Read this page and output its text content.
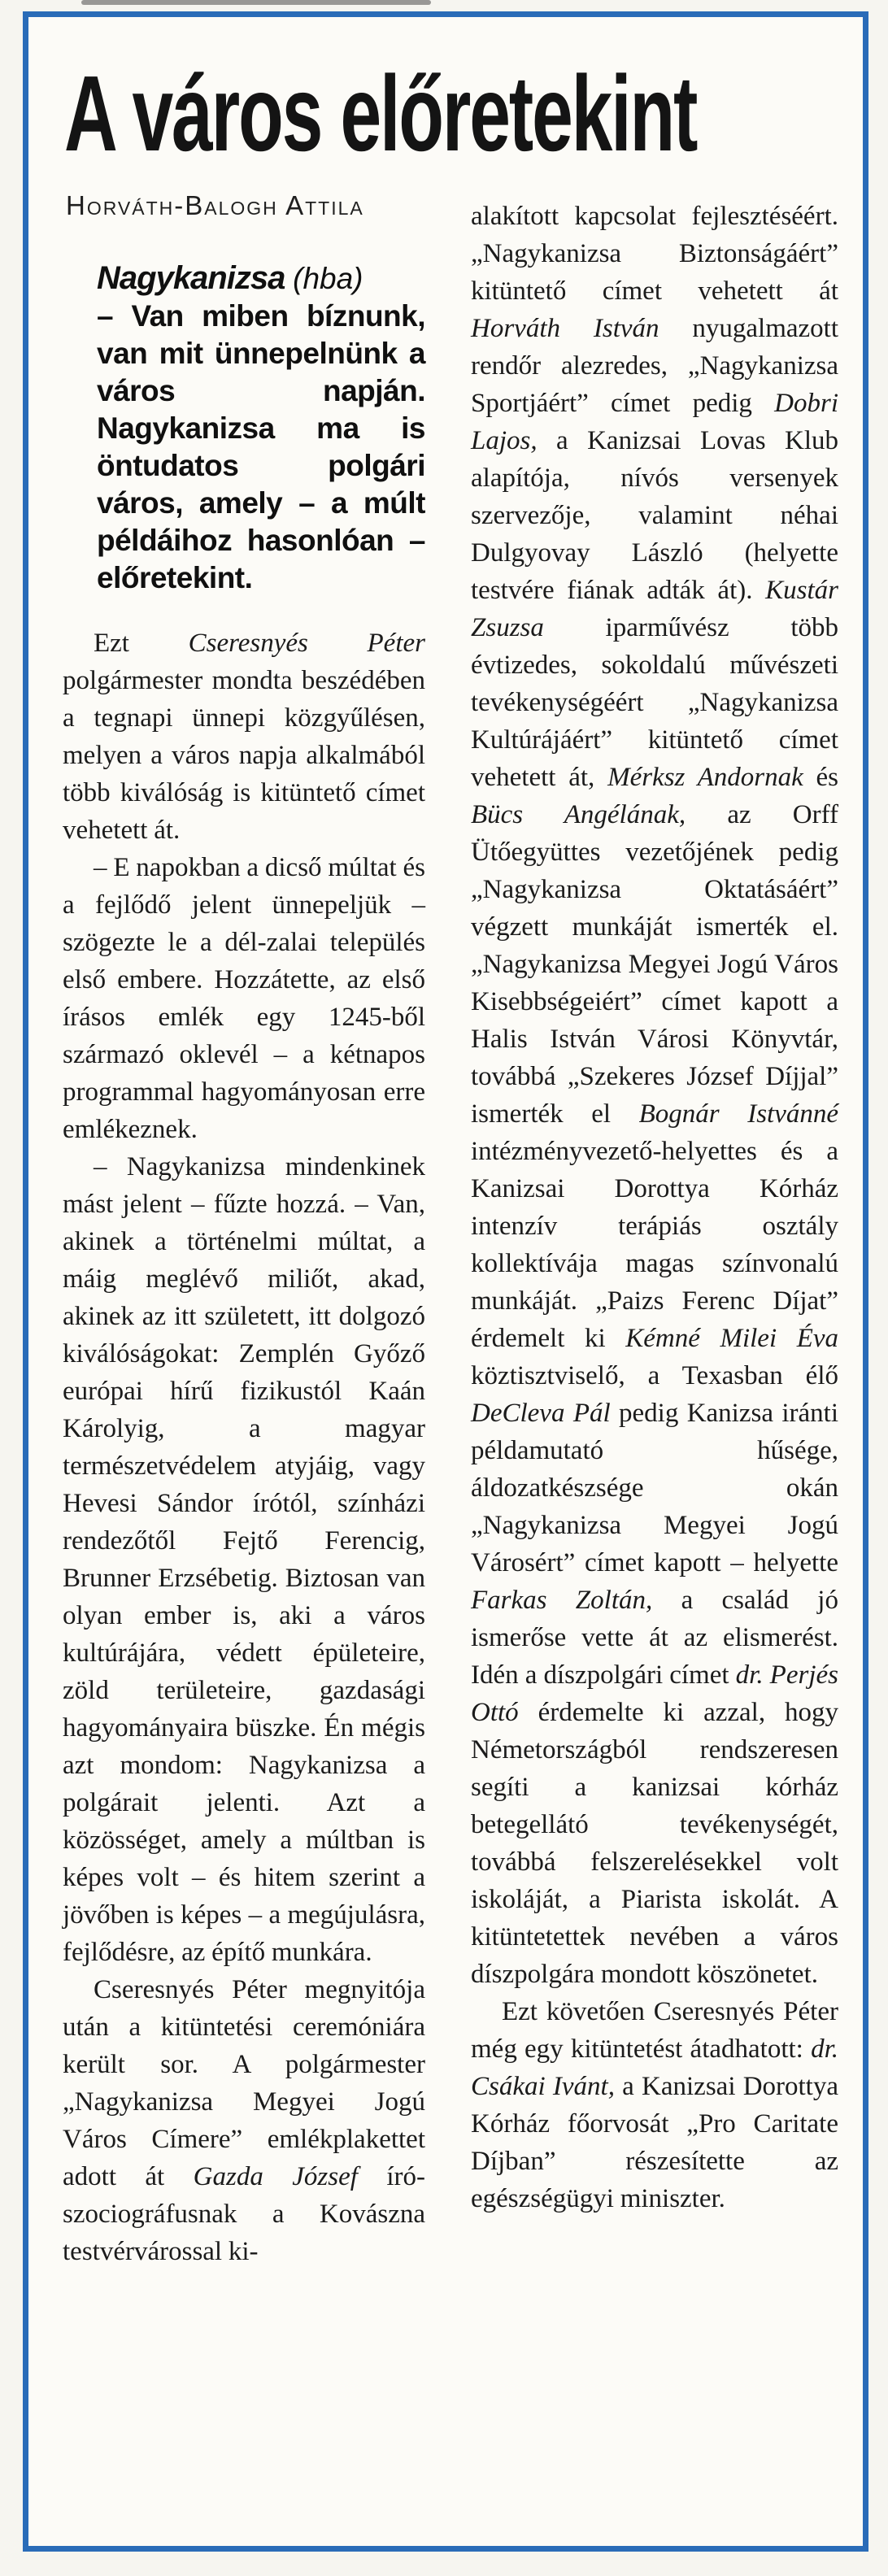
A város előretekint
Horváth-Balogh Attila
Nagykanizsa (hba)
– Van miben bíznunk, van mit ünnepelnünk a város napján. Nagykanizsa ma is öntudatos polgári város, amely – a múlt példáihoz hasonlóan – előretekint.

Ezt Cseresnyés Péter polgármester mondta beszédében a tegnapi ünnepi közgyűlésen, melyen a város napja alkalmából több kiválóság is kitüntető címet vehetett át.

– E napokban a dicső múltat és a fejlődő jelent ünnepeljük – szögezte le a dél-zalai település első embere. Hozzátette, az első írásos emlék egy 1245-ből származó oklevél – a kétnapos programmal hagyományosan erre emlékeznek.

– Nagykanizsa mindenkinek mást jelent – fűzte hozzá. – Van, akinek a történelmi múltat, a máig meglévő miliőt, akad, akinek az itt született, itt dolgozó kiválóságokat: Zemplén Győző európai hírű fizikustól Kaán Károlyig, a magyar természetvédelem atyjáig, vagy Hevesi Sándor írótól, színházi rendezőtől Fejtő Ferencig, Brunner Erzsébetig. Biztosan van olyan ember is, aki a város kultúrájára, védett épületeire, zöld területeire, gazdasági hagyományaira büszke. Én mégis azt mondom: Nagykanizsa a polgárait jelenti. Azt a közösséget, amely a múltban is képes volt – és hitem szerint a jövőben is képes – a megújulásra, fejlődésre, az építő munkára.

Cseresnyés Péter megnyitója után a kitüntetési ceremóniára került sor. A polgármester „Nagykanizsa Megyei Jogú Város Címere” emlékplakettet adott át Gazda József író-szociográfusnak a Kovászna testvérvárossal ki-

alakított kapcsolat fejlesztéséért. „Nagykanizsa Biztonságáért” kitüntető címet vehetett át Horváth István nyugalmazott rendőr alezredes, „Nagykanizsa Sportjáért” címet pedig Dobri Lajos, a Kanizsai Lovas Klub alapítója, nívós versenyek szervezője, valamint néhai Dulgyovay László (helyette testvére fiának adták át). Kustár Zsuzsa iparművész több évtizedes, sokoldalú művészeti tevékenységéért „Nagykanizsa Kultúrájáért” kitüntető címet vehetett át, Mérksz Andornak és Bücs Angélának, az Orff Ütőegyüttes vezetőjének pedig „Nagykanizsa Oktatásáért” végzett munkáját ismerték el. „Nagykanizsa Megyei Jogú Város Kisebbségeiért” címet kapott a Halis István Városi Könyvtár, továbbá „Szekeres József Díjjal” ismerték el Bognár Istvánné intézményvezető-helyettes és a Kanizsai Dorottya Kórház intenzív terápiás osztály kollektívája magas színvonalú munkáját. „Paizs Ferenc Díjat” érdemelt ki Kémné Milei Éva köztisztviselő, a Texasban élő DeCleva Pál pedig Kanizsa iránti példamutató hűsége, áldozatkészsége okán „Nagykanizsa Megyei Jogú Városért” címet kapott – helyette Farkas Zoltán, a család jó ismerőse vette át az elismerést. Idén a díszpolgári címet dr. Perjés Ottó érdemelte ki azzal, hogy Németországból rendszeresen segíti a kanizsai kórház betegellátó tevékenységét, továbbá felszerelésekkel volt iskoláját, a Piarista iskolát. A kitüntetettek nevében a város díszpolgára mondott köszönetet.

Ezt követően Cseresnyés Péter még egy kitüntetést átadhatott: dr. Csákai Ivánt, a Kanizsai Dorottya Kórház főorvosát „Pro Caritate Díjban” részesítette az egészségügyi miniszter.
